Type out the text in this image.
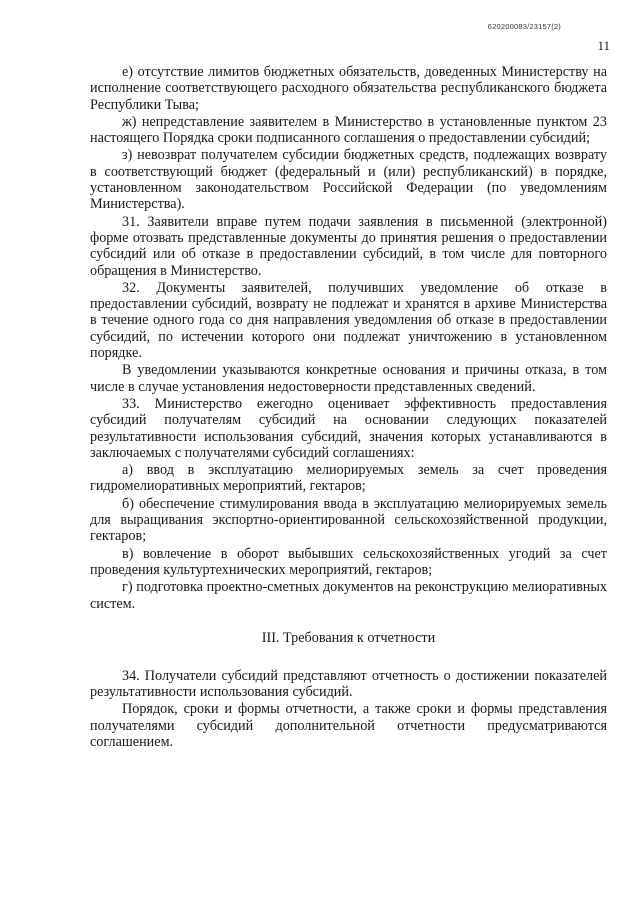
620200083/23157(2)
11

е) отсутствие лимитов бюджетных обязательств, доведенных Министерству на исполнение соответствующего расходного обязательства республиканского бюджета Республики Тыва;

ж) непредставление заявителем в Министерство в установленные пунктом 23 настоящего Порядка сроки подписанного соглашения о предоставлении субсидий;

з) невозврат получателем субсидии бюджетных средств, подлежащих возврату в соответствующий бюджет (федеральный и (или) республиканский) в порядке, установленном законодательством Российской Федерации (по уведомлениям Министерства).

31. Заявители вправе путем подачи заявления в письменной (электронной) форме отозвать представленные документы до принятия решения о предоставлении субсидий или об отказе в предоставлении субсидий, в том числе для повторного обращения в Министерство.

32. Документы заявителей, получивших уведомление об отказе в предоставлении субсидий, возврату не подлежат и хранятся в архиве Министерства в течение одного года со дня направления уведомления об отказе в предоставлении субсидий, по истечении которого они подлежат уничтожению в установленном порядке.

В уведомлении указываются конкретные основания и причины отказа, в том числе в случае установления недостоверности представленных сведений.

33. Министерство ежегодно оценивает эффективность предоставления субсидий получателям субсидий на основании следующих показателей результативности использования субсидий, значения которых устанавливаются в заключаемых с получателями субсидий соглашениях:

а) ввод в эксплуатацию мелиорируемых земель за счет проведения гидромелиоративных мероприятий, гектаров;

б) обеспечение стимулирования ввода в эксплуатацию мелиорируемых земель для выращивания экспортно-ориентированной сельскохозяйственной продукции, гектаров;

в) вовлечение в оборот выбывших сельскохозяйственных угодий за счет проведения культуртехнических мероприятий, гектаров;

г) подготовка проектно-сметных документов на реконструкцию мелиоративных систем.

III. Требования к отчетности

34. Получатели субсидий представляют отчетность о достижении показателей результативности использования субсидий.

Порядок, сроки и формы отчетности, а также сроки и формы представления получателями субсидий дополнительной отчетности предусматриваются соглашением.
